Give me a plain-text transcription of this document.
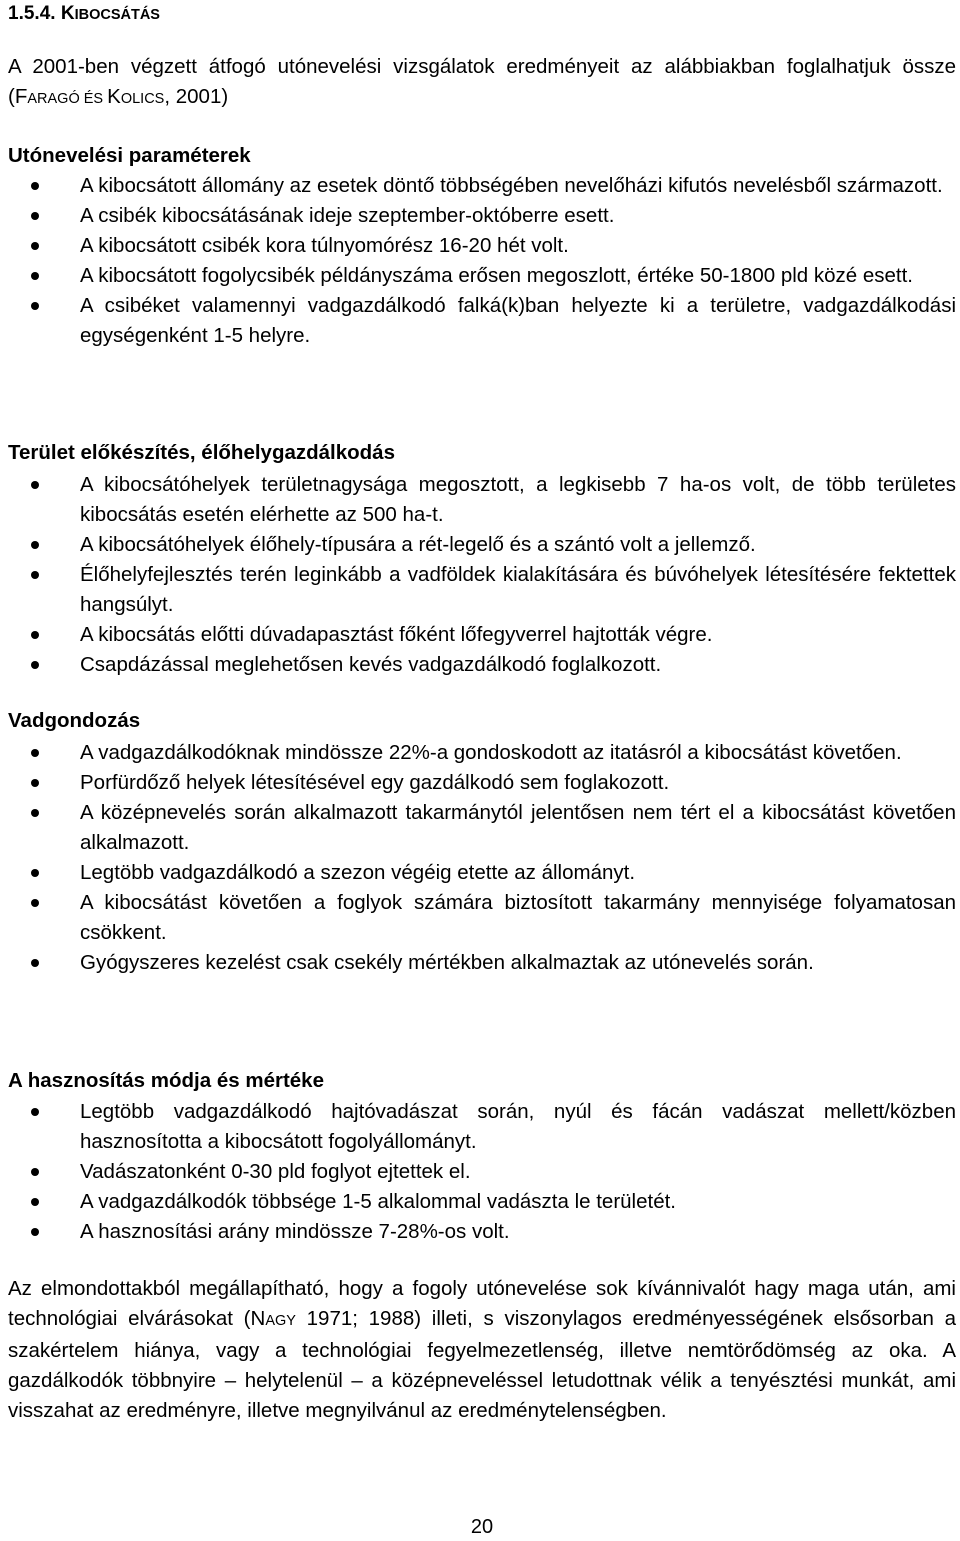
1.5.4. KIBOCSÁTÁS
A 2001-ben végzett átfogó utónevelési vizsgálatok eredményeit az alábbiakban foglalhatjuk össze (FARAGÓ ÉS KOLICS, 2001)
Utónevelési paraméterek
A kibocsátott állomány az esetek döntő többségében nevelőházi kifutós nevelésből származott.
A csibék kibocsátásának ideje szeptember-októberre esett.
A kibocsátott csibék kora túlnyomórész 16-20 hét volt.
A kibocsátott fogolycsibék példányszáma erősen megoszlott, értéke 50-1800 pld közé esett.
A csibéket valamennyi vadgazdálkodó falká(k)ban helyezte ki a területre, vadgazdálkodási egységenként 1-5 helyre.
Terület előkészítés, élőhelygazdálkodás
A kibocsátóhelyek területnagysága megosztott, a legkisebb 7 ha-os volt, de több területes kibocsátás esetén elérhette az 500 ha-t.
A kibocsátóhelyek élőhely-típusára a rét-legelő és a szántó volt a jellemző.
Élőhelyfejlesztés terén leginkább a vadföldek kialakítására és búvóhelyek létesítésére fektettek hangsúlyt.
A kibocsátás előtti dúvadapasztást főként lőfegyverrel hajtották végre.
Csapdázással meglehetősen kevés vadgazdálkodó foglalkozott.
Vadgondozás
A vadgazdálkodóknak mindössze 22%-a gondoskodott az itatásról a kibocsátást követően.
Porfürdőző helyek létesítésével egy gazdálkodó sem foglakozott.
A középnevelés során alkalmazott takarmánytól jelentősen nem tért el a kibocsátást követően alkalmazott.
Legtöbb vadgazdálkodó a szezon végéig etette az állományt.
A kibocsátást követően a foglyok számára biztosított takarmány mennyisége folyamatosan csökkent.
Gyógyszeres kezelést csak csekély mértékben alkalmaztak az utónevelés során.
A hasznosítás módja és mértéke
Legtöbb vadgazdálkodó hajtóvadászat során, nyúl és fácán vadászat mellett/közben hasznosította a kibocsátott fogolyállományt.
Vadászatonként 0-30 pld foglyot ejtettek el.
A vadgazdálkodók többsége 1-5 alkalommal vadászta le területét.
A hasznosítási arány mindössze 7-28%-os volt.
Az elmondottakból megállapítható, hogy a fogoly utónevelése sok kívánnivalót hagy maga után, ami technológiai elvárásokat (NAGY 1971; 1988) illeti, s viszonylagos eredményességének elsősorban a szakértelem hiánya, vagy a technológiai fegyelmezetlenség, illetve nemtörődömség az oka. A gazdálkodók többnyire – helytelenül – a középneveléssel letudottnak vélik a tenyésztési munkát, ami visszahat az eredményre, illetve megnyilvánul az eredménytelenségben.
20
